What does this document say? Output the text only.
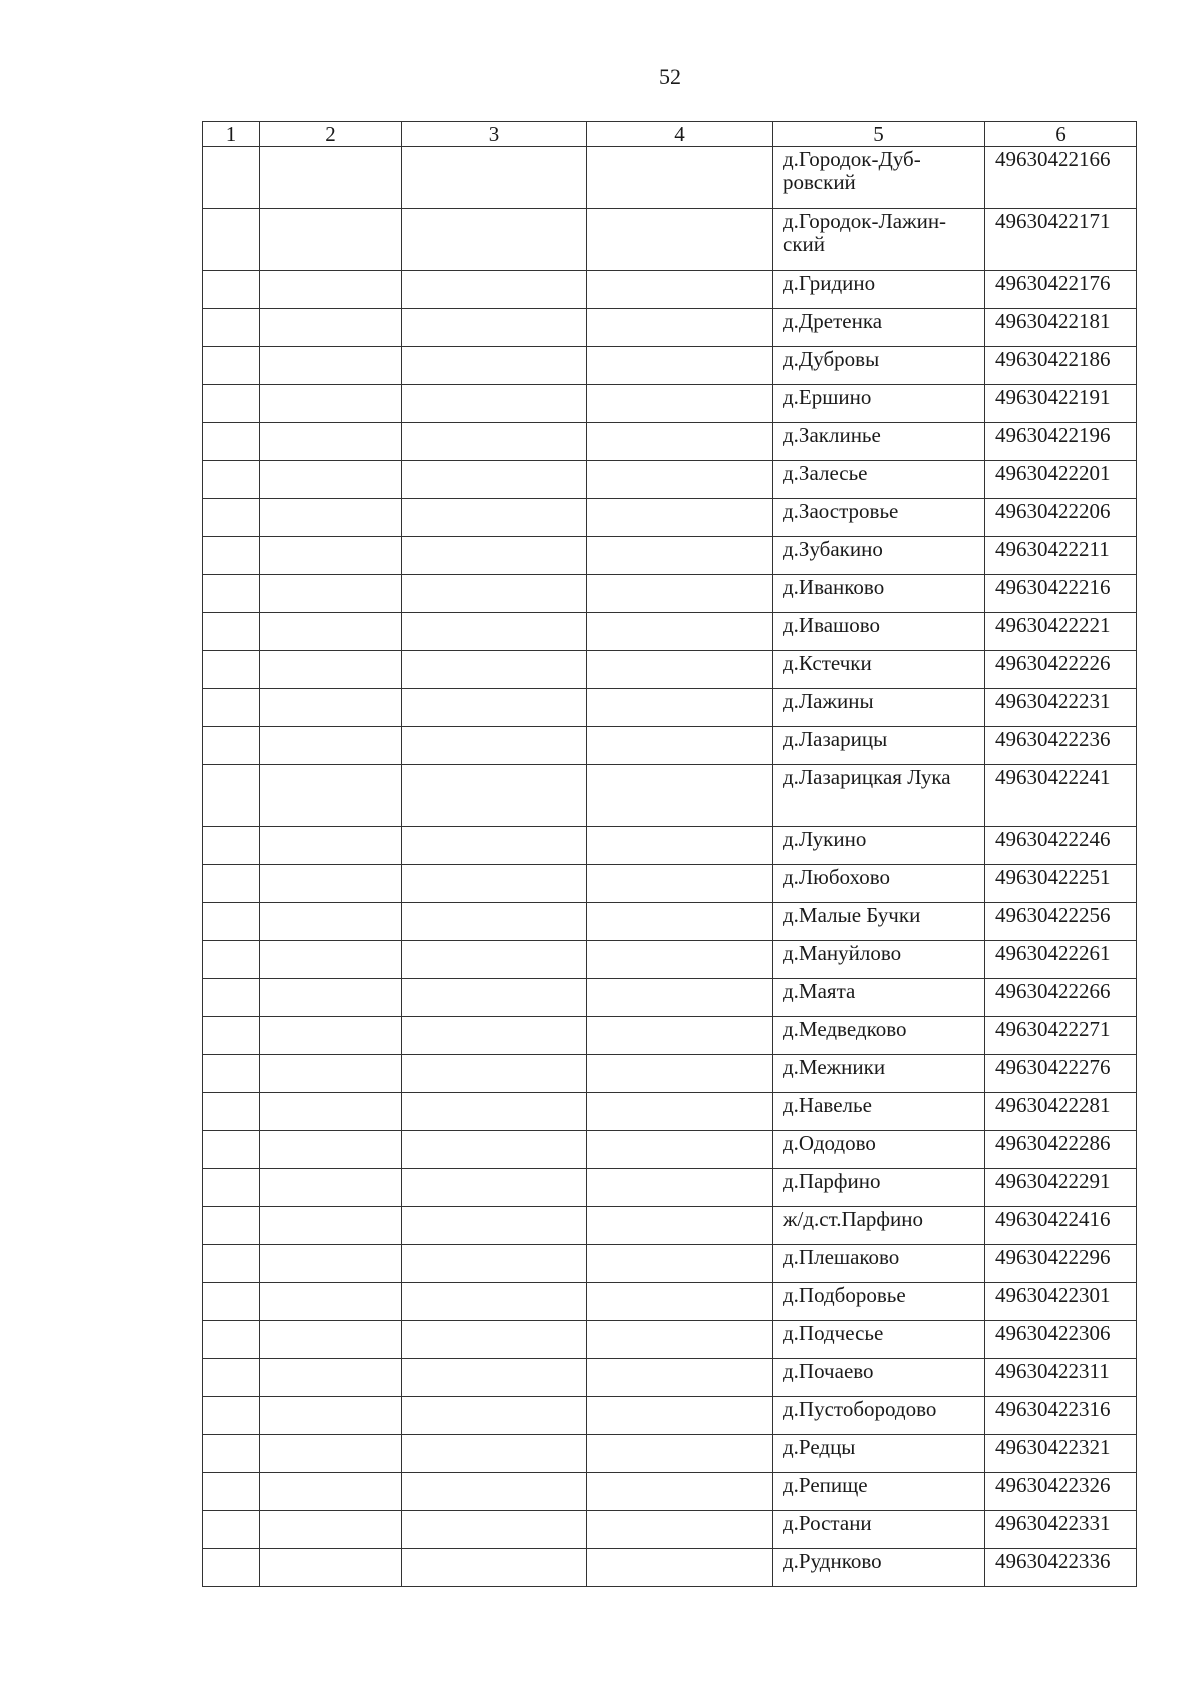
52
1	2	3	4	5	6
				д.Городок-Дуб-ровский	49630422166
				д.Городок-Лажин-ский	49630422171
				д.Гридино	49630422176
				д.Дретенка	49630422181
				д.Дубровы	49630422186
				д.Ершино	49630422191
				д.Заклинье	49630422196
				д.Залесье	49630422201
				д.Заостровье	49630422206
				д.Зубакино	49630422211
				д.Иванково	49630422216
				д.Ивашово	49630422221
				д.Кстечки	49630422226
				д.Лажины	49630422231
				д.Лазарицы	49630422236
				д.Лазарицкая Лука	49630422241
				д.Лукино	49630422246
				д.Любохово	49630422251
				д.Малые Бучки	49630422256
				д.Мануйлово	49630422261
				д.Маята	49630422266
				д.Медведково	49630422271
				д.Межники	49630422276
				д.Навелье	49630422281
				д.Ододово	49630422286
				д.Парфино	49630422291
				ж/д.ст.Парфино	49630422416
				д.Плешаково	49630422296
				д.Подборовье	49630422301
				д.Подчесье	49630422306
				д.Почаево	49630422311
				д.Пустобородово	49630422316
				д.Редцы	49630422321
				д.Репище	49630422326
				д.Ростани	49630422331
				д.Руднково	49630422336
